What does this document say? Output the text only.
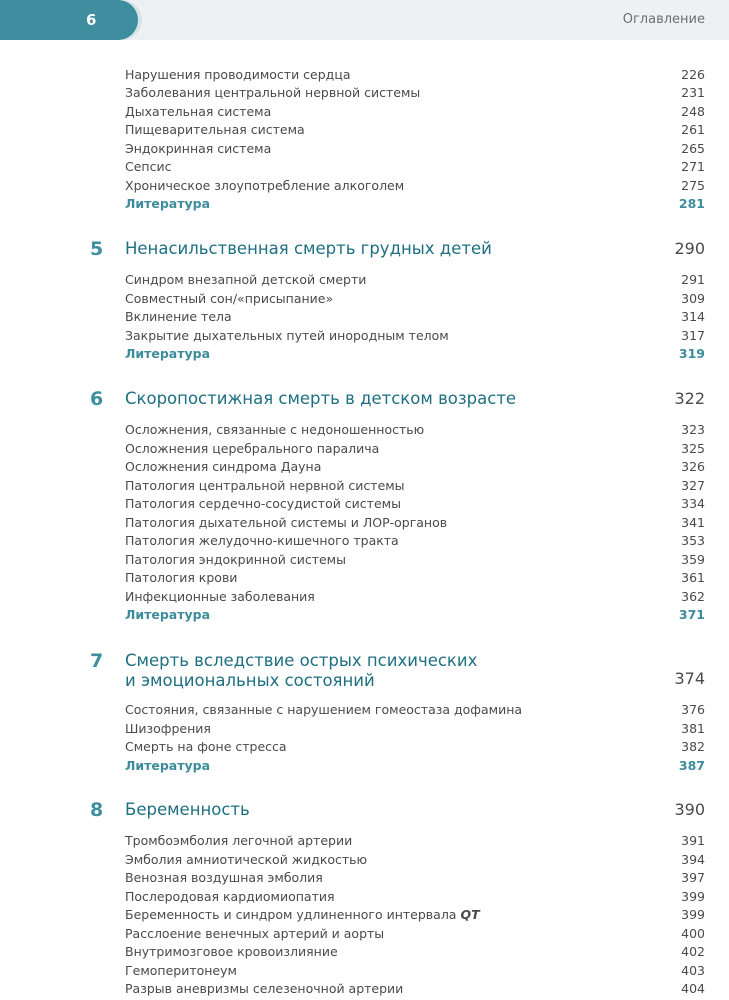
6	Оглавление
Нарушения проводимости сердца	226
Заболевания центральной нервной системы	231
Дыхательная система	248
Пищеварительная система	261
Эндокринная система	265
Сепсис	271
Хроническое злоупотребление алкоголем	275
Литература	281
5 Ненасильственная смерть грудных детей	290
Синдром внезапной детской смерти	291
Совместный сон/«присыпание»	309
Вклинение тела	314
Закрытие дыхательных путей инородным телом	317
Литература	319
6 Скоропостижная смерть в детском возрасте	322
Осложнения, связанные с недоношенностью	323
Осложнения церебрального паралича	325
Осложнения синдрома Дауна	326
Патология центральной нервной системы	327
Патология сердечно-сосудистой системы	334
Патология дыхательной системы и ЛОР-органов	341
Патология желудочно-кишечного тракта	353
Патология эндокринной системы	359
Патология крови	361
Инфекционные заболевания	362
Литература	371
7 Смерть вследствие острых психических
и эмоциональных состояний	374
Состояния, связанные с нарушением гомеостаза дофамина	376
Шизофрения	381
Смерть на фоне стресса	382
Литература	387
8 Беременность	390
Тромбоэмболия легочной артерии	391
Эмболия амниотической жидкостью	394
Венозная воздушная эмболия	397
Послеродовая кардиомиопатия	399
Беременность и синдром удлиненного интервала QT	399
Расслоение венечных артерий и аорты	400
Внутримозговое кровоизлияние	402
Гемоперитонеум	403
Разрыв аневризмы селезеночной артерии	404
